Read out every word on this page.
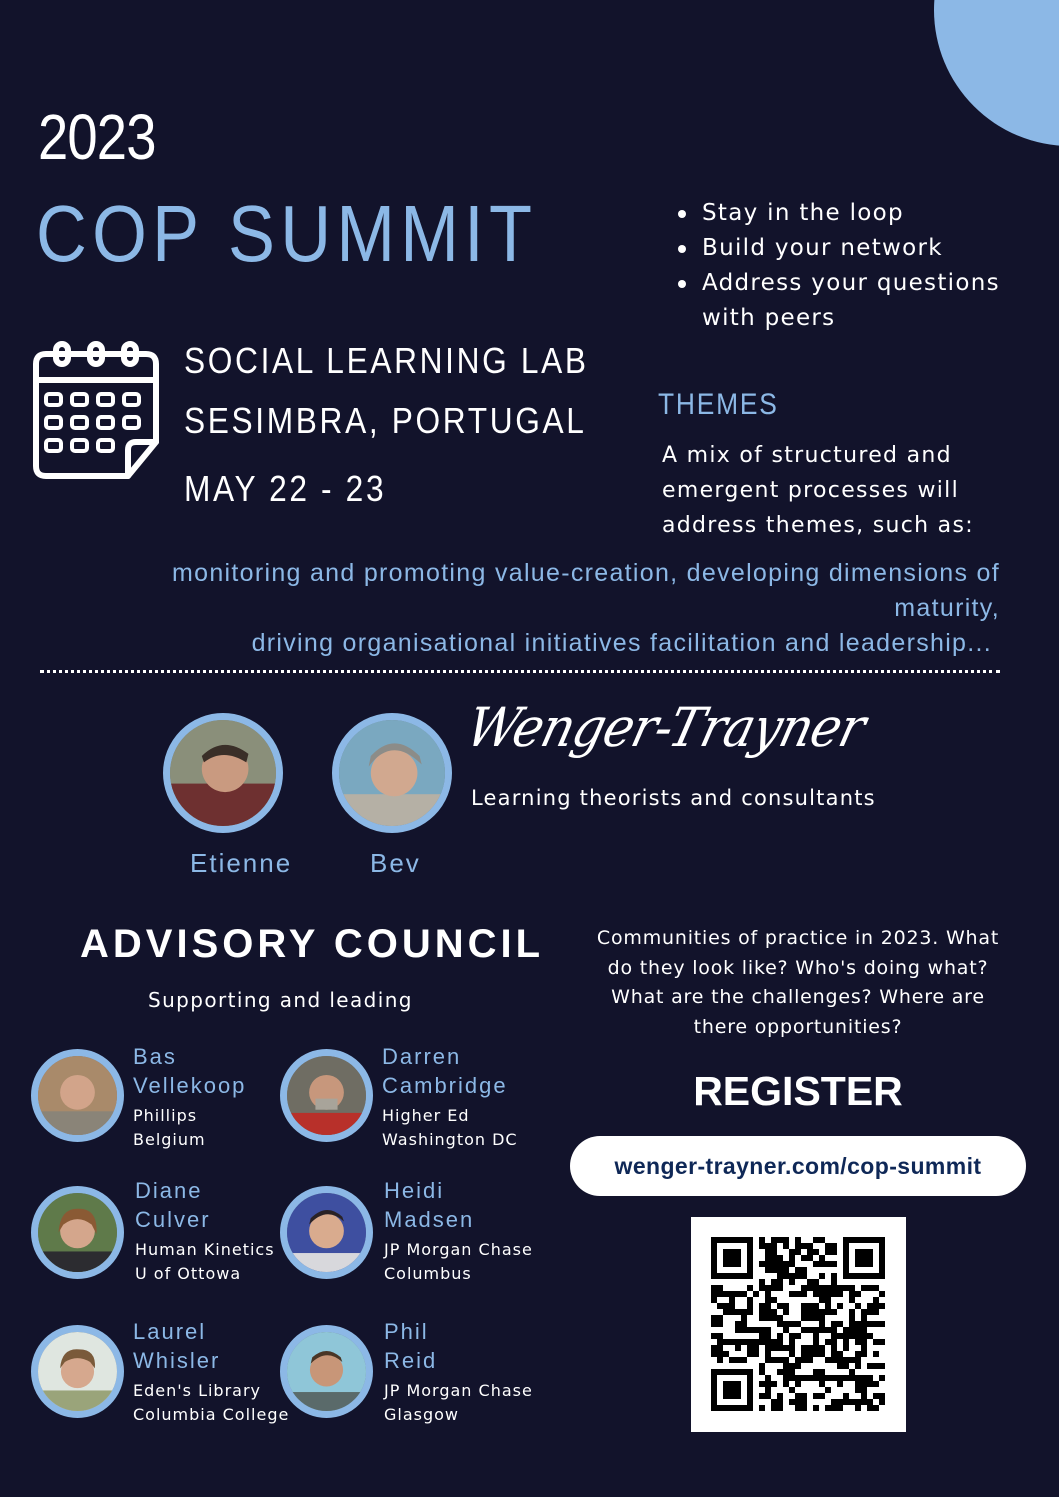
2023
COP SUMMIT
SOCIAL LEARNING LAB
SESIMBRA, PORTUGAL
MAY 22 - 23
Stay in the loop
Build your network
Address your questions with peers
THEMES
A mix of structured and emergent processes will address themes, such as:
monitoring and promoting value-creation, developing dimensions of maturity,
driving organisational initiatives facilitation and leadership...
Etienne	Bev
Wenger-Trayner
Learning theorists and consultants
ADVISORY COUNCIL
Supporting and leading
Bas
Vellekoop
Phillips
Belgium
Darren
Cambridge
Higher Ed
Washington DC
Diane
Culver
Human Kinetics
U of Ottowa
Heidi
Madsen
JP Morgan Chase
Columbus
Laurel
Whisler
Eden's Library
Columbia College
Phil
Reid
JP Morgan Chase
Glasgow
Communities of practice in 2023. What do they look like? Who's doing what? What are the challenges? Where are there opportunities?
REGISTER
wenger-trayner.com/cop-summit
